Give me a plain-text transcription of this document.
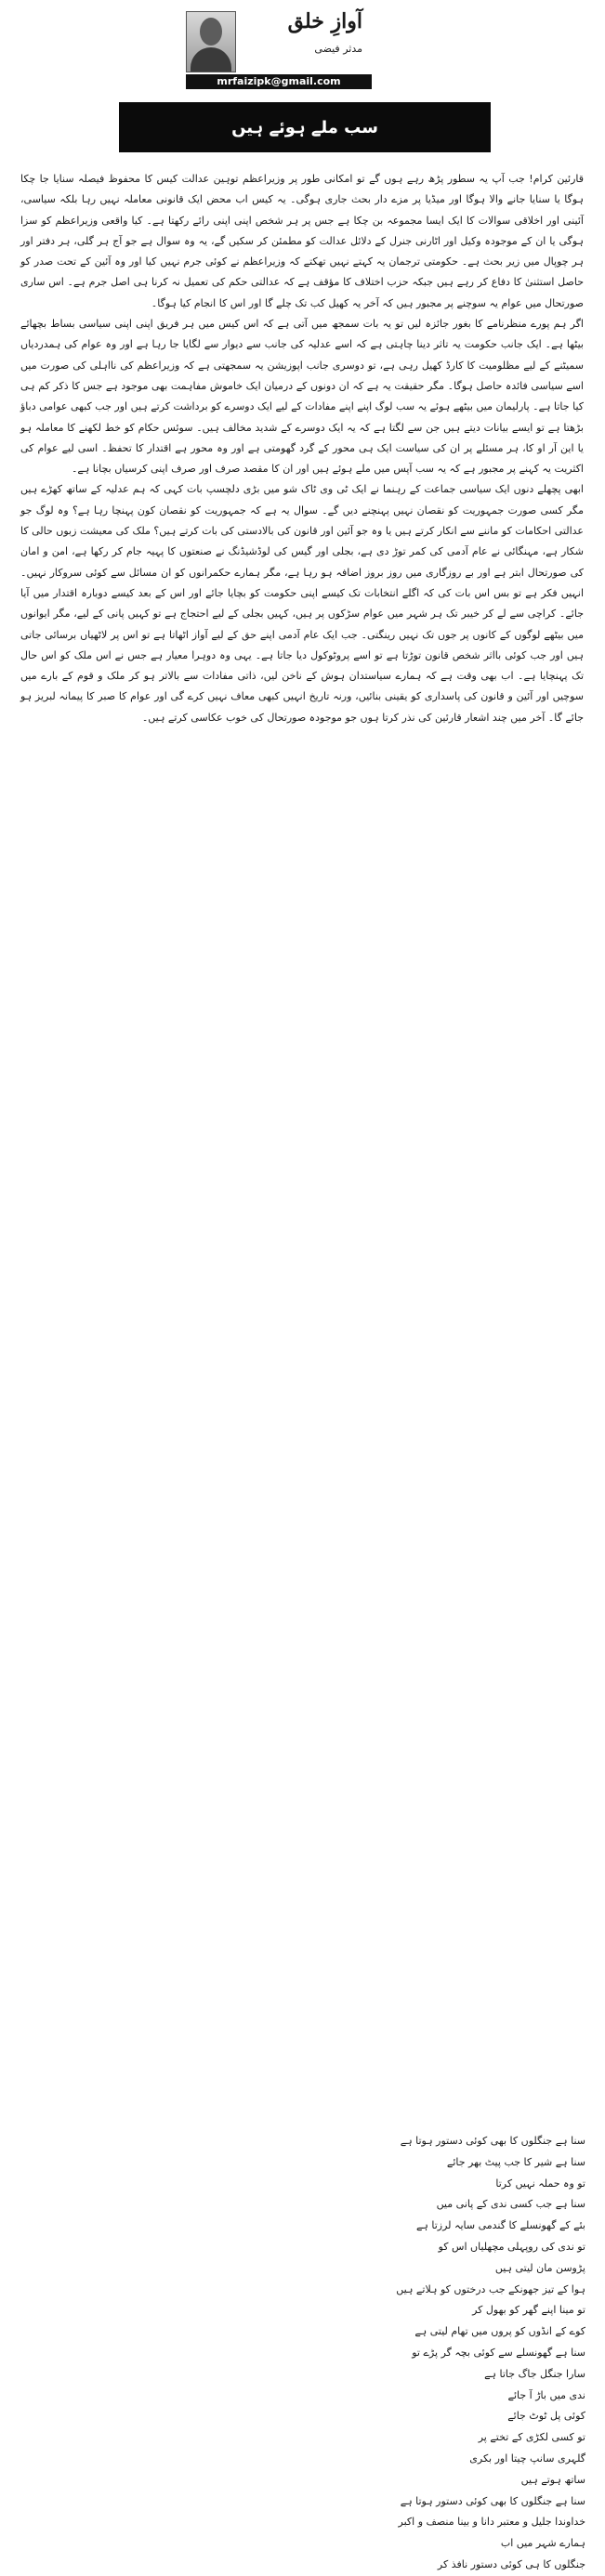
آوازِ خلق
مدثر فیضی
mrfaizipk@gmail.com
سب ملے ہوئے ہیں

قارئین کرام! جب آپ یہ سطور پڑھ رہے ہوں گے تو امکانی طور پر وزیراعظم توہین عدالت کیس کا محفوظ فیصلہ سنایا جا چکا ہوگا یا سنایا جانے والا ہوگا اور میڈیا پر مزے دار بحث جاری ہوگی۔ یہ کیس اب محض ایک قانونی معاملہ نہیں رہا بلکہ سیاسی، آئینی اور اخلاقی سوالات کا ایک ایسا مجموعہ بن چکا ہے جس پر ہر شخص اپنی اپنی رائے رکھتا ہے۔ کیا واقعی وزیراعظم کو سزا ہوگی یا ان کے موجودہ وکیل اور اٹارنی جنرل کے دلائل عدالت کو مطمئن کر سکیں گے، یہ وہ سوال ہے جو آج ہر گلی، ہر دفتر اور ہر چوپال میں زیر بحث ہے۔ حکومتی ترجمان یہ کہتے نہیں تھکتے کہ وزیراعظم نے کوئی جرم نہیں کیا اور وہ آئین کے تحت صدر کو حاصل استثنیٰ کا دفاع کر رہے ہیں جبکہ حزب اختلاف کا مؤقف ہے کہ عدالتی حکم کی تعمیل نہ کرنا ہی اصل جرم ہے۔ اس ساری صورتحال میں عوام یہ سوچنے پر مجبور ہیں کہ آخر یہ کھیل کب تک چلے گا اور اس کا انجام کیا ہوگا۔

اگر ہم پورے منظرنامے کا بغور جائزہ لیں تو یہ بات سمجھ میں آتی ہے کہ اس کیس میں ہر فریق اپنی اپنی سیاسی بساط بچھائے بیٹھا ہے۔ ایک جانب حکومت یہ تاثر دینا چاہتی ہے کہ اسے عدلیہ کی جانب سے دیوار سے لگایا جا رہا ہے اور وہ عوام کی ہمدردیاں سمیٹنے کے لیے مظلومیت کا کارڈ کھیل رہی ہے، تو دوسری جانب اپوزیشن یہ سمجھتی ہے کہ وزیراعظم کی نااہلی کی صورت میں اسے سیاسی فائدہ حاصل ہوگا۔ مگر حقیقت یہ ہے کہ ان دونوں کے درمیان ایک خاموش مفاہمت بھی موجود ہے جس کا ذکر کم ہی کیا جاتا ہے۔ پارلیمان میں بیٹھے ہوئے یہ سب لوگ اپنے اپنے مفادات کے لیے ایک دوسرے کو برداشت کرتے ہیں اور جب کبھی عوامی دباؤ بڑھتا ہے تو ایسے بیانات دیتے ہیں جن سے لگتا ہے کہ یہ ایک دوسرے کے شدید مخالف ہیں۔ سوئس حکام کو خط لکھنے کا معاملہ ہو یا این آر او کا، ہر مسئلے پر ان کی سیاست ایک ہی محور کے گرد گھومتی ہے اور وہ محور ہے اقتدار کا تحفظ۔ اسی لیے عوام کی اکثریت یہ کہنے پر مجبور ہے کہ یہ سب آپس میں ملے ہوئے ہیں اور ان کا مقصد صرف اور صرف اپنی کرسیاں بچانا ہے۔

ابھی پچھلے دنوں ایک سیاسی جماعت کے رہنما نے ایک ٹی وی ٹاک شو میں بڑی دلچسپ بات کہی کہ ہم عدلیہ کے ساتھ کھڑے ہیں مگر کسی صورت جمہوریت کو نقصان نہیں پہنچنے دیں گے۔ سوال یہ ہے کہ جمہوریت کو نقصان کون پہنچا رہا ہے؟ وہ لوگ جو عدالتی احکامات کو ماننے سے انکار کرتے ہیں یا وہ جو آئین اور قانون کی بالادستی کی بات کرتے ہیں؟ ملک کی معیشت زبوں حالی کا شکار ہے، مہنگائی نے عام آدمی کی کمر توڑ دی ہے، بجلی اور گیس کی لوڈشیڈنگ نے صنعتوں کا پہیہ جام کر رکھا ہے، امن و امان کی صورتحال ابتر ہے اور بے روزگاری میں روز بروز اضافہ ہو رہا ہے، مگر ہمارے حکمرانوں کو ان مسائل سے کوئی سروکار نہیں۔ انہیں فکر ہے تو بس اس بات کی کہ اگلے انتخابات تک کیسے اپنی حکومت کو بچایا جائے اور اس کے بعد کیسے دوبارہ اقتدار میں آیا جائے۔ کراچی سے لے کر خیبر تک ہر شہر میں عوام سڑکوں پر ہیں، کہیں بجلی کے لیے احتجاج ہے تو کہیں پانی کے لیے، مگر ایوانوں میں بیٹھے لوگوں کے کانوں پر جوں تک نہیں رینگتی۔ جب ایک عام آدمی اپنے حق کے لیے آواز اٹھاتا ہے تو اس پر لاٹھیاں برسائی جاتی ہیں اور جب کوئی بااثر شخص قانون توڑتا ہے تو اسے پروٹوکول دیا جاتا ہے۔ یہی وہ دوہرا معیار ہے جس نے اس ملک کو اس حال تک پہنچایا ہے۔ اب بھی وقت ہے کہ ہمارے سیاستدان ہوش کے ناخن لیں، ذاتی مفادات سے بالاتر ہو کر ملک و قوم کے بارے میں سوچیں اور آئین و قانون کی پاسداری کو یقینی بنائیں، ورنہ تاریخ انہیں کبھی معاف نہیں کرے گی اور عوام کا صبر کا پیمانہ لبریز ہو جائے گا۔ آخر میں چند اشعار قارئین کی نذر کرتا ہوں جو موجودہ صورتحال کی خوب عکاسی کرتے ہیں۔

سنا ہے جنگلوں کا بھی کوئی دستور ہوتا ہے
سنا ہے شیر کا جب پیٹ بھر جائے
تو وہ حملہ نہیں کرتا
سنا ہے جب کسی ندی کے پانی میں
بئے کے گھونسلے کا گندمی سایہ لرزتا ہے
تو ندی کی روپہلی مچھلیاں اس کو
پڑوسن مان لیتی ہیں
ہوا کے تیز جھونکے جب درختوں کو ہلاتے ہیں
تو مینا اپنے گھر کو بھول کر
کوے کے انڈوں کو پروں میں تھام لیتی ہے
سنا ہے گھونسلے سے کوئی بچہ گر پڑے تو
سارا جنگل جاگ جاتا ہے
ندی میں باڑ آ جائے
کوئی پل ٹوٹ جائے
تو کسی لکڑی کے تختے پر
گلہری سانپ چیتا اور بکری
ساتھ ہوتے ہیں
سنا ہے جنگلوں کا بھی کوئی دستور ہوتا ہے
خداوندا جلیل و معتبر دانا و بینا منصف و اکبر
ہمارے شہر میں اب
جنگلوں کا ہی کوئی دستور نافذ کر
